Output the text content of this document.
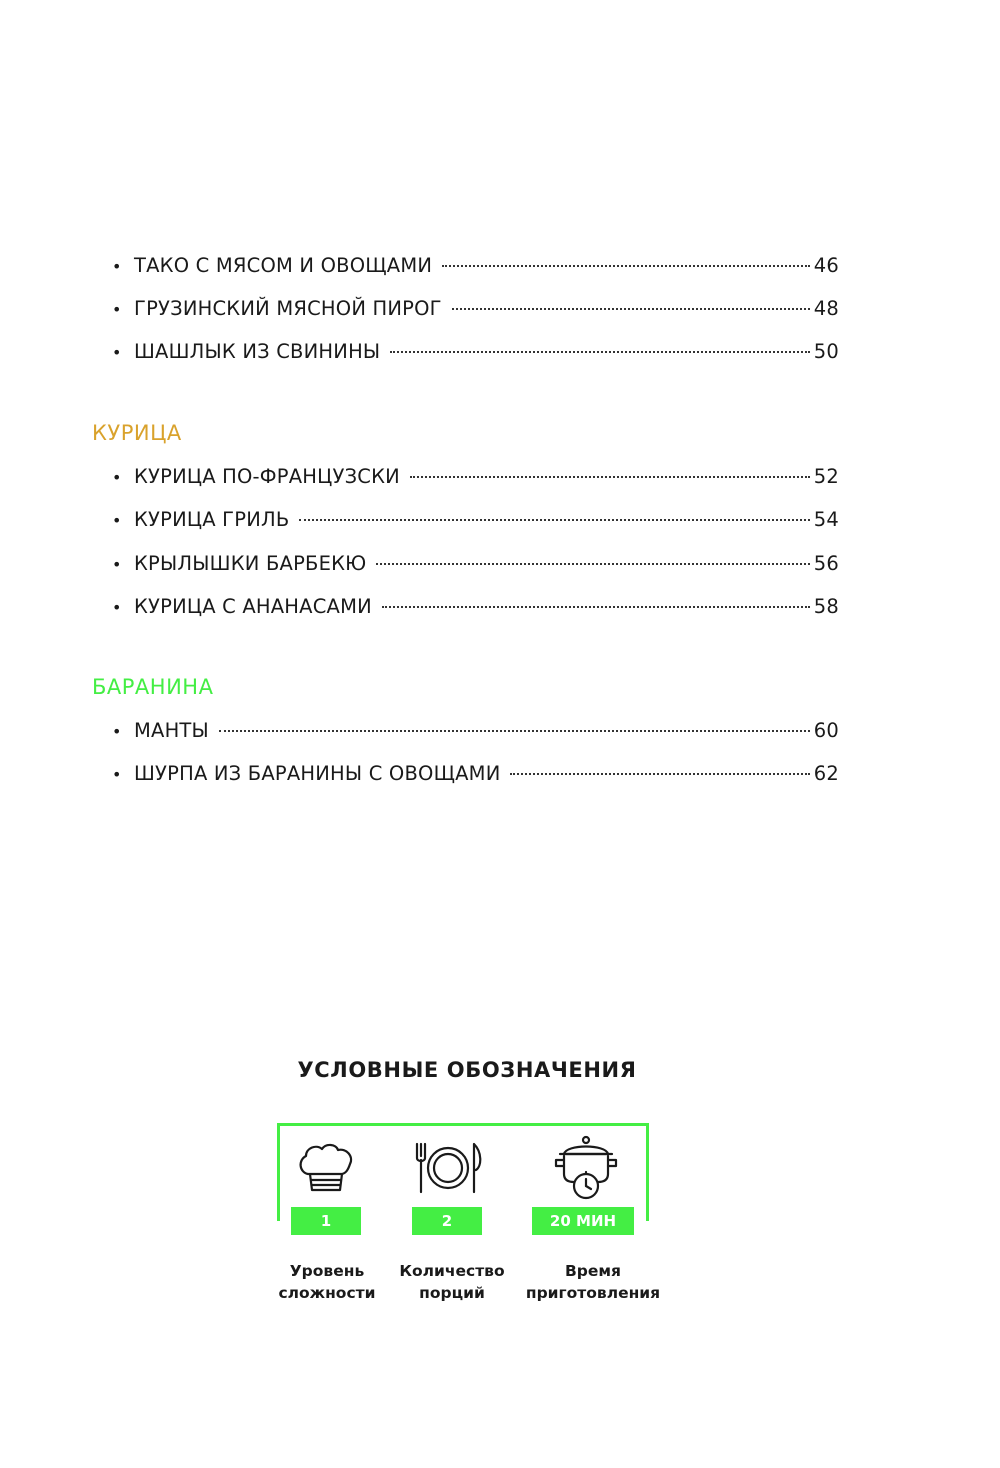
• ТАКО С МЯСОМ И ОВОЩАМИ	46
• ГРУЗИНСКИЙ МЯСНОЙ ПИРОГ	48
• ШАШЛЫК ИЗ СВИНИНЫ	50
КУРИЦА
• КУРИЦА ПО-ФРАНЦУЗСКИ	52
• КУРИЦА ГРИЛЬ	54
• КРЫЛЫШКИ БАРБЕКЮ	56
• КУРИЦА С АНАНАСАМИ	58
БАРАНИНА
• МАНТЫ	60
• ШУРПА ИЗ БАРАНИНЫ С ОВОЩАМИ	62
УСЛОВНЫЕ ОБОЗНАЧЕНИЯ
1	2	20 МИН
Уровень
сложности
Количество
порций
Время
приготовления
